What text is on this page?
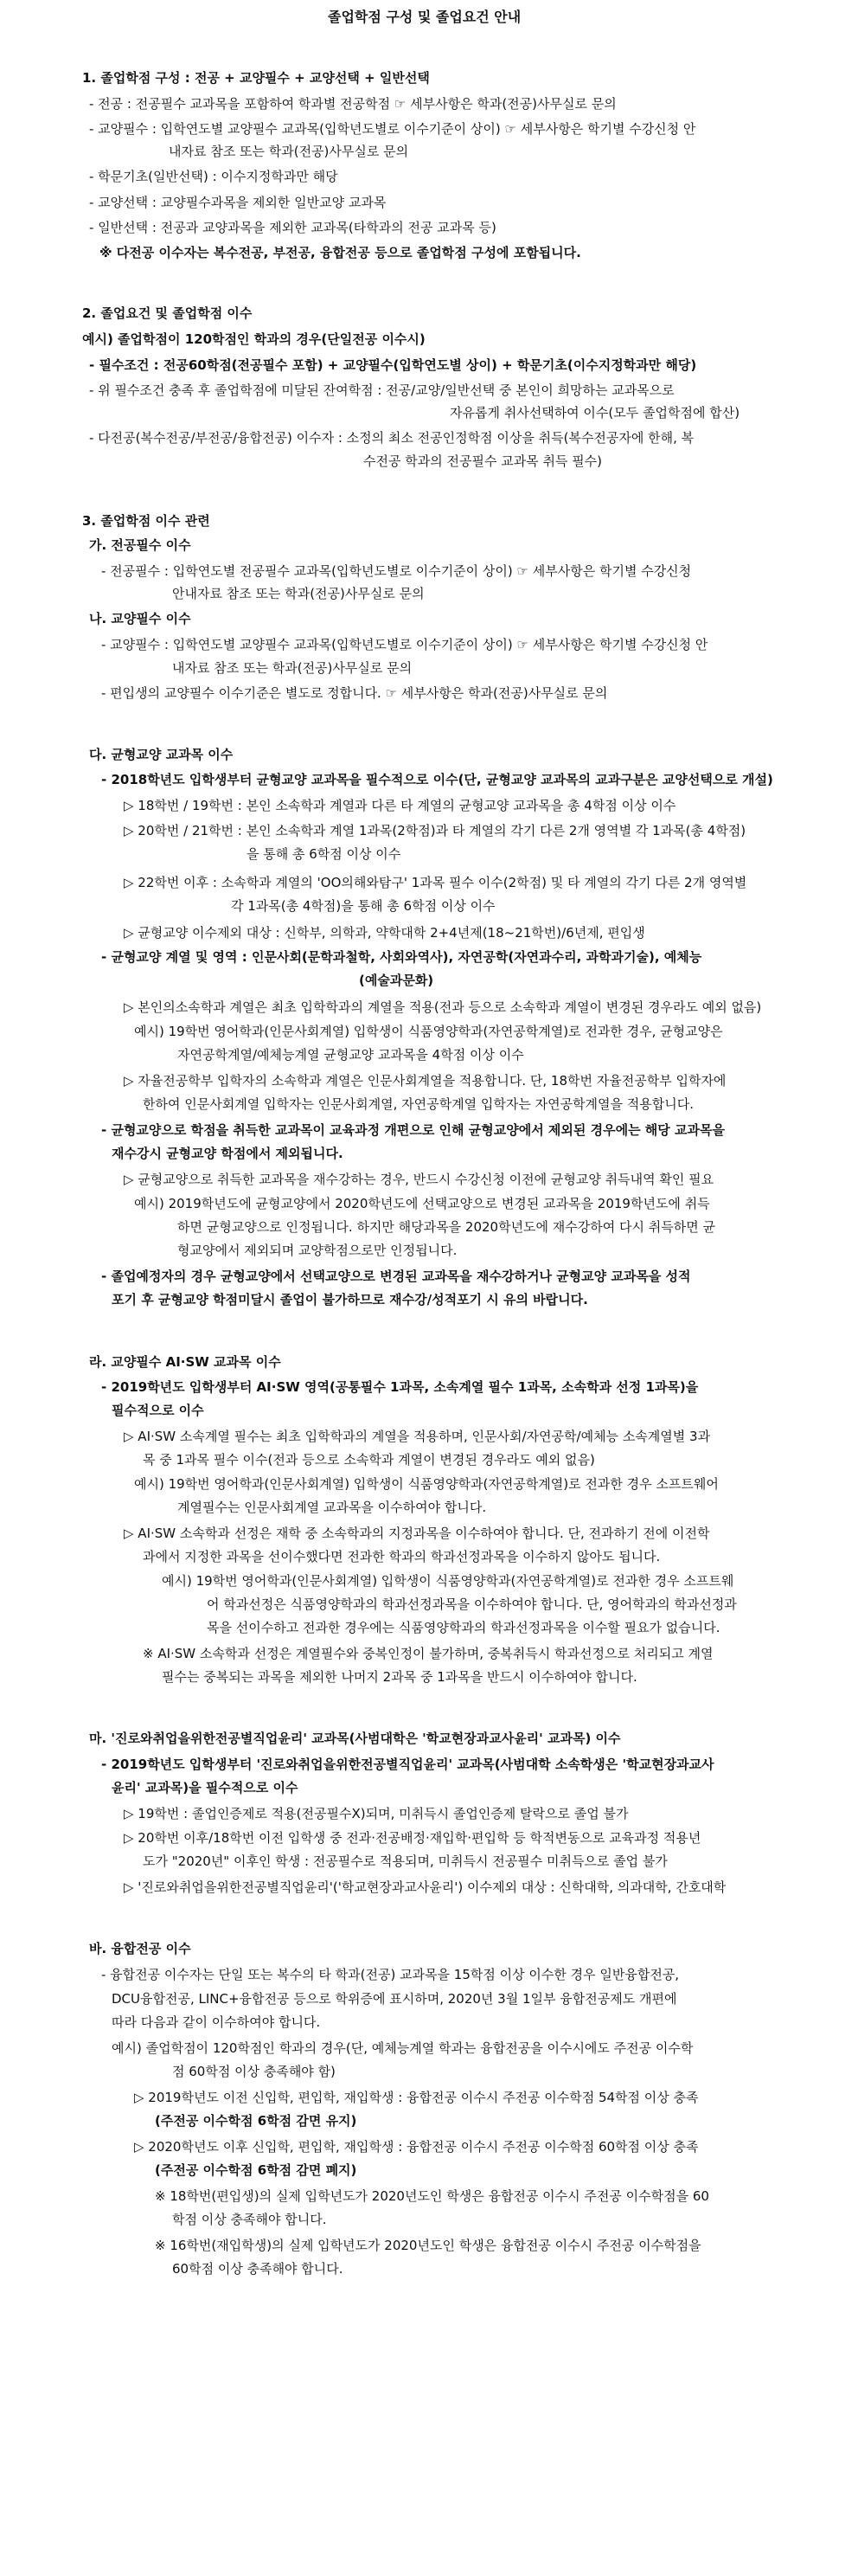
졸업학점 구성 및 졸업요건 안내
1. 졸업학점 구성 : 전공 + 교양필수 + 교양선택 + 일반선택
- 전공 : 전공필수 교과목을 포함하여 학과별 전공학점 ☞ 세부사항은 학과(전공)사무실로 문의
- 교양필수 : 입학연도별 교양필수 교과목(입학년도별로 이수기준이 상이) ☞ 세부사항은 학기별 수강신청 안
내자료 참조 또는 학과(전공)사무실로 문의
- 학문기초(일반선택) : 이수지정학과만 해당
- 교양선택 : 교양필수과목을 제외한 일반교양 교과목
- 일반선택 : 전공과 교양과목을 제외한 교과목(타학과의 전공 교과목 등)
※ 다전공 이수자는 복수전공, 부전공, 융합전공 등으로 졸업학점 구성에 포함됩니다.
2. 졸업요건 및 졸업학점 이수
예시) 졸업학점이 120학점인 학과의 경우(단일전공 이수시)
- 필수조건 : 전공60학점(전공필수 포함) + 교양필수(입학연도별 상이) + 학문기초(이수지정학과만 해당)
- 위 필수조건 충족 후 졸업학점에 미달된 잔여학점 : 전공/교양/일반선택 중 본인이 희망하는 교과목으로
자유롭게 취사선택하여 이수(모두 졸업학점에 합산)
- 다전공(복수전공/부전공/융합전공) 이수자 : 소정의 최소 전공인정학점 이상을 취득(복수전공자에 한해, 복
수전공 학과의 전공필수 교과목 취득 필수)
3. 졸업학점 이수 관련
가. 전공필수 이수
- 전공필수 : 입학연도별 전공필수 교과목(입학년도별로 이수기준이 상이) ☞ 세부사항은 학기별 수강신청
안내자료 참조 또는 학과(전공)사무실로 문의
나. 교양필수 이수
- 교양필수 : 입학연도별 교양필수 교과목(입학년도별로 이수기준이 상이) ☞ 세부사항은 학기별 수강신청 안
내자료 참조 또는 학과(전공)사무실로 문의
- 편입생의 교양필수 이수기준은 별도로 정합니다. ☞ 세부사항은 학과(전공)사무실로 문의
다. 균형교양 교과목 이수
- 2018학년도 입학생부터 균형교양 교과목을 필수적으로 이수(단, 균형교양 교과목의 교과구분은 교양선택으로 개설)
▷ 18학번 / 19학번 : 본인 소속학과 계열과 다른 타 계열의 균형교양 교과목을 총 4학점 이상 이수
▷ 20학번 / 21학번 : 본인 소속학과 계열 1과목(2학점)과 타 계열의 각기 다른 2개 영역별 각 1과목(총 4학점)
을 통해 총 6학점 이상 이수
▷ 22학번 이후 : 소속학과 계열의 'OO의해와탐구' 1과목 필수 이수(2학점) 및 타 계열의 각기 다른 2개 영역별
각 1과목(총 4학점)을 통해 총 6학점 이상 이수
▷ 균형교양 이수제외 대상 : 신학부, 의학과, 약학대학 2+4년제(18~21학번)/6년제, 편입생
- 균형교양 계열 및 영역 : 인문사회(문학과철학, 사회와역사), 자연공학(자연과수리, 과학과기술), 예체능
(예술과문화)
▷ 본인의소속학과 계열은 최초 입학학과의 계열을 적용(전과 등으로 소속학과 계열이 변경된 경우라도 예외 없음)
예시) 19학번 영어학과(인문사회계열) 입학생이 식품영양학과(자연공학계열)로 전과한 경우, 균형교양은
자연공학계열/예체능계열 균형교양 교과목을 4학점 이상 이수
▷ 자율전공학부 입학자의 소속학과 계열은 인문사회계열을 적용합니다. 단, 18학번 자율전공학부 입학자에
한하여 인문사회계열 입학자는 인문사회계열, 자연공학계열 입학자는 자연공학계열을 적용합니다.
- 균형교양으로 학점을 취득한 교과목이 교육과정 개편으로 인해 균형교양에서 제외된 경우에는 해당 교과목을
재수강시 균형교양 학점에서 제외됩니다.
▷ 균형교양으로 취득한 교과목을 재수강하는 경우, 반드시 수강신청 이전에 균형교양 취득내역 확인 필요
예시) 2019학년도에 균형교양에서 2020학년도에 선택교양으로 변경된 교과목을 2019학년도에 취득
하면 균형교양으로 인정됩니다. 하지만 해당과목을 2020학년도에 재수강하여 다시 취득하면 균
형교양에서 제외되며 교양학점으로만 인정됩니다.
- 졸업예정자의 경우 균형교양에서 선택교양으로 변경된 교과목을 재수강하거나 균형교양 교과목을 성적
포기 후 균형교양 학점미달시 졸업이 불가하므로 재수강/성적포기 시 유의 바랍니다.
라. 교양필수 AI·SW 교과목 이수
- 2019학년도 입학생부터 AI·SW 영역(공통필수 1과목, 소속계열 필수 1과목, 소속학과 선정 1과목)을
필수적으로 이수
▷ AI·SW 소속계열 필수는 최초 입학학과의 계열을 적용하며, 인문사회/자연공학/예체능 소속계열별 3과
목 중 1과목 필수 이수(전과 등으로 소속학과 계열이 변경된 경우라도 예외 없음)
예시) 19학번 영어학과(인문사회계열) 입학생이 식품영양학과(자연공학계열)로 전과한 경우 소프트웨어
계열필수는 인문사회계열 교과목을 이수하여야 합니다.
▷ AI·SW 소속학과 선정은 재학 중 소속학과의 지정과목을 이수하여야 합니다. 단, 전과하기 전에 이전학
과에서 지정한 과목을 선이수했다면 전과한 학과의 학과선정과목을 이수하지 않아도 됩니다.
예시) 19학번 영어학과(인문사회계열) 입학생이 식품영양학과(자연공학계열)로 전과한 경우 소프트웨
어 학과선정은 식품영양학과의 학과선정과목을 이수하여야 합니다. 단, 영어학과의 학과선정과
목을 선이수하고 전과한 경우에는 식품영양학과의 학과선정과목을 이수할 필요가 없습니다.
※ AI·SW 소속학과 선정은 계열필수와 중복인정이 불가하며, 중복취득시 학과선정으로 처리되고 계열
필수는 중복되는 과목을 제외한 나머지 2과목 중 1과목을 반드시 이수하여야 합니다.
마. '진로와취업을위한전공별직업윤리' 교과목(사범대학은 '학교현장과교사윤리' 교과목) 이수
- 2019학년도 입학생부터 '진로와취업을위한전공별직업윤리' 교과목(사범대학 소속학생은 '학교현장과교사
윤리' 교과목)을 필수적으로 이수
▷ 19학번 : 졸업인증제로 적용(전공필수X)되며, 미취득시 졸업인증제 탈락으로 졸업 불가
▷ 20학번 이후/18학번 이전 입학생 중 전과·전공배정·재입학·편입학 등 학적변동으로 교육과정 적용년
도가 "2020년" 이후인 학생 : 전공필수로 적용되며, 미취득시 전공필수 미취득으로 졸업 불가
▷ '진로와취업을위한전공별직업윤리'('학교현장과교사윤리') 이수제외 대상 : 신학대학, 의과대학, 간호대학
바. 융합전공 이수
- 융합전공 이수자는 단일 또는 복수의 타 학과(전공) 교과목을 15학점 이상 이수한 경우 일반융합전공,
DCU융합전공, LINC+융합전공 등으로 학위증에 표시하며, 2020년 3월 1일부 융합전공제도 개편에
따라 다음과 같이 이수하여야 합니다.
예시) 졸업학점이 120학점인 학과의 경우(단, 예체능계열 학과는 융합전공을 이수시에도 주전공 이수학
점 60학점 이상 충족해야 함)
▷ 2019학년도 이전 신입학, 편입학, 재입학생 : 융합전공 이수시 주전공 이수학점 54학점 이상 충족
(주전공 이수학점 6학점 감면 유지)
▷ 2020학년도 이후 신입학, 편입학, 재입학생 : 융합전공 이수시 주전공 이수학점 60학점 이상 충족
(주전공 이수학점 6학점 감면 폐지)
※ 18학번(편입생)의 실제 입학년도가 2020년도인 학생은 융합전공 이수시 주전공 이수학점을 60
학점 이상 충족해야 합니다.
※ 16학번(재입학생)의 실제 입학년도가 2020년도인 학생은 융합전공 이수시 주전공 이수학점을
60학점 이상 충족해야 합니다.
